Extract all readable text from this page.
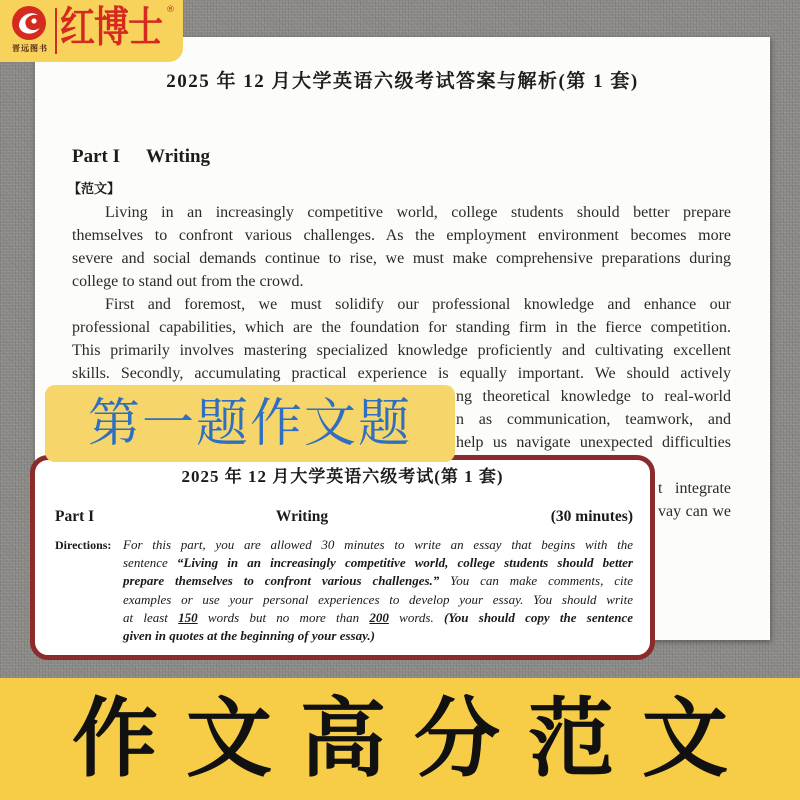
2025 年 12 月大学英语六级考试答案与解析(第 1 套)
Part I Writing
【范文】
Living in an increasingly competitive world, college students should better prepare
themselves to confront various challenges. As the employment environment becomes more
severe and social demands continue to rise, we must make comprehensive preparations during
college to stand out from the crowd.
First and foremost, we must solidify our professional knowledge and enhance our
professional capabilities, which are the foundation for standing firm in the fierce competition.
This primarily involves mastering specialized knowledge proficiently and cultivating excellent
skills. Secondly, accumulating practical experience is equally important. We should actively
ng theoretical knowledge to real-world
n as communication, teamwork, and
help us navigate unexpected difficulties
t integrate
vay can we
晋远图书 红博士 ®
第一题作文题
2025 年 12 月大学英语六级考试(第 1 套)
Part I	Writing	(30 minutes)
Directions: For this part, you are allowed 30 minutes to write an essay that begins with the
sentence “Living in an increasingly competitive world, college students should better
prepare themselves to confront various challenges.” You can make comments, cite
examples or use your personal experiences to develop your essay. You should write
at least 150 words but no more than 200 words. (You should copy the sentence
given in quotes at the beginning of your essay.)
作文高分范文
